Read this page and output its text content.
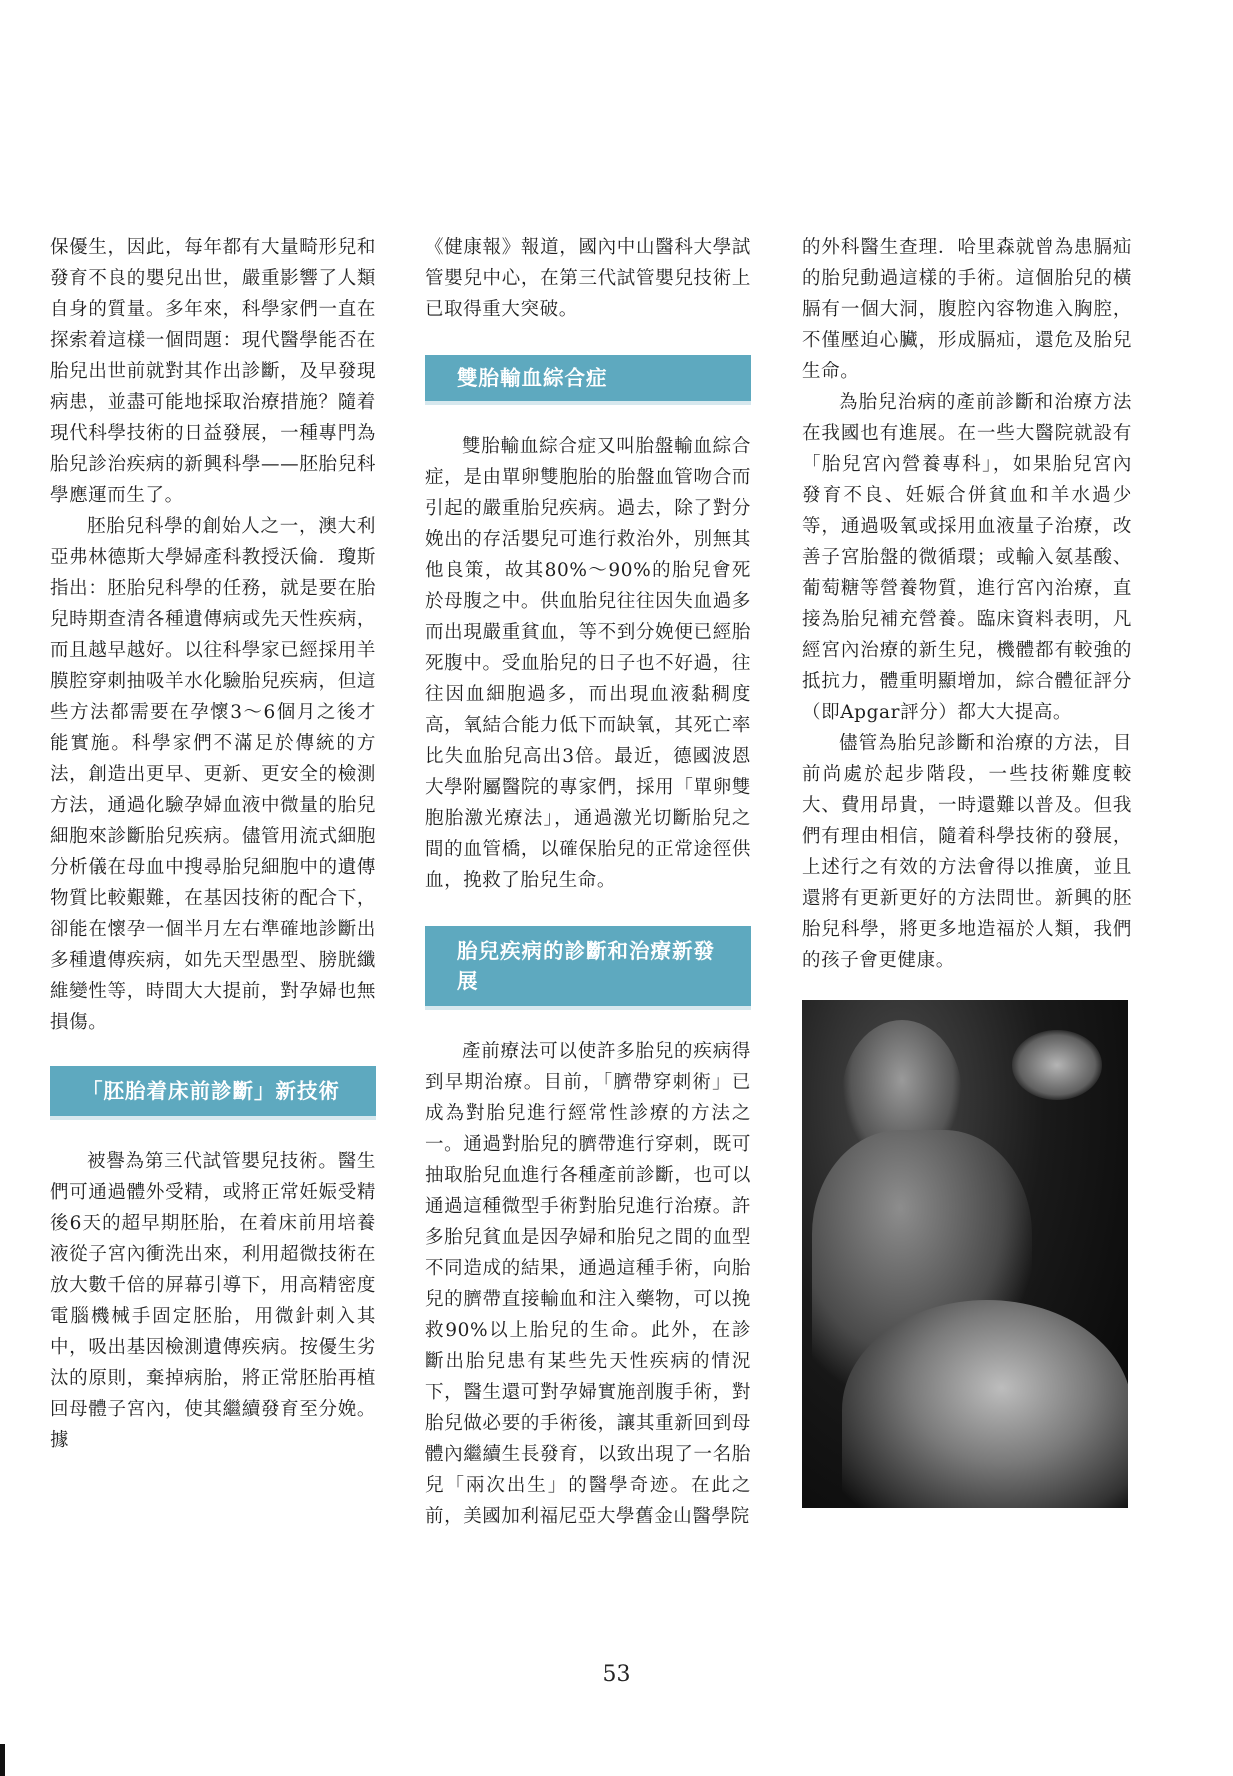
保優生，因此，每年都有大量畸形兒和發育不良的嬰兒出世，嚴重影響了人類自身的質量。多年來，科學家們一直在探索着這樣一個問題：現代醫學能否在胎兒出世前就對其作出診斷，及早發現病患，並盡可能地採取治療措施？隨着現代科學技術的日益發展，一種專門為胎兒診治疾病的新興科學——胚胎兒科學應運而生了。

胚胎兒科學的創始人之一，澳大利亞弗林德斯大學婦產科教授沃倫．瓊斯指出：胚胎兒科學的任務，就是要在胎兒時期查清各種遺傳病或先天性疾病，而且越早越好。以往科學家已經採用羊膜腔穿刺抽吸羊水化驗胎兒疾病，但這些方法都需要在孕懷3～6個月之後才能實施。科學家們不滿足於傳統的方法，創造出更早、更新、更安全的檢測方法，通過化驗孕婦血液中微量的胎兒細胞來診斷胎兒疾病。儘管用流式細胞分析儀在母血中搜尋胎兒細胞中的遺傳物質比較艱難，在基因技術的配合下，卻能在懷孕一個半月左右準確地診斷出多種遺傳疾病，如先天型愚型、膀胱纖維變性等，時間大大提前，對孕婦也無損傷。

「胚胎着床前診斷」新技術

被譽為第三代試管嬰兒技術。醫生們可通過體外受精，或將正常妊娠受精後6天的超早期胚胎，在着床前用培養液從子宮內衝洗出來，利用超微技術在放大數千倍的屏幕引導下，用高精密度電腦機械手固定胚胎，用微針刺入其中，吸出基因檢測遺傳疾病。按優生劣汰的原則，棄掉病胎，將正常胚胎再植回母體子宮內，使其繼續發育至分娩。據

《健康報》報道，國內中山醫科大學試管嬰兒中心，在第三代試管嬰兒技術上已取得重大突破。

雙胎輸血綜合症

雙胎輸血綜合症又叫胎盤輸血綜合症，是由單卵雙胞胎的胎盤血管吻合而引起的嚴重胎兒疾病。過去，除了對分娩出的存活嬰兒可進行救治外，別無其他良策，故其80%～90%的胎兒會死於母腹之中。供血胎兒往往因失血過多而出現嚴重貧血，等不到分娩便已經胎死腹中。受血胎兒的日子也不好過，往往因血細胞過多，而出現血液黏稠度高，氧結合能力低下而缺氧，其死亡率比失血胎兒高出3倍。最近，德國波恩大學附屬醫院的專家們，採用「單卵雙胞胎激光療法」，通過激光切斷胎兒之間的血管橋，以確保胎兒的正常途徑供血，挽救了胎兒生命。

胎兒疾病的診斷和治療新發展

產前療法可以使許多胎兒的疾病得到早期治療。目前，「臍帶穿刺術」已成為對胎兒進行經常性診療的方法之一。通過對胎兒的臍帶進行穿刺，既可抽取胎兒血進行各種產前診斷，也可以通過這種微型手術對胎兒進行治療。許多胎兒貧血是因孕婦和胎兒之間的血型不同造成的結果，通過這種手術，向胎兒的臍帶直接輸血和注入藥物，可以挽救90%以上胎兒的生命。此外，在診斷出胎兒患有某些先天性疾病的情況下，醫生還可對孕婦實施剖腹手術，對胎兒做必要的手術後，讓其重新回到母體內繼續生長發育，以致出現了一名胎兒「兩次出生」的醫學奇迹。在此之前，美國加利福尼亞大學舊金山醫學院

的外科醫生查理．哈里森就曾為患膈疝的胎兒動過這樣的手術。這個胎兒的橫膈有一個大洞，腹腔內容物進入胸腔，不僅壓迫心臟，形成膈疝，還危及胎兒生命。

為胎兒治病的產前診斷和治療方法在我國也有進展。在一些大醫院就設有「胎兒宮內營養專科」，如果胎兒宮內發育不良、妊娠合併貧血和羊水過少等，通過吸氧或採用血液量子治療，改善子宮胎盤的微循環；或輸入氨基酸、葡萄糖等營養物質，進行宮內治療，直接為胎兒補充營養。臨床資料表明，凡經宮內治療的新生兒，機體都有較強的抵抗力，體重明顯增加，綜合體征評分（即Apgar評分）都大大提高。

儘管為胎兒診斷和治療的方法，目前尚處於起步階段，一些技術難度較大、費用昂貴，一時還難以普及。但我們有理由相信，隨着科學技術的發展，上述行之有效的方法會得以推廣，並且還將有更新更好的方法問世。新興的胚胎兒科學，將更多地造福於人類，我們的孩子會更健康。

53
